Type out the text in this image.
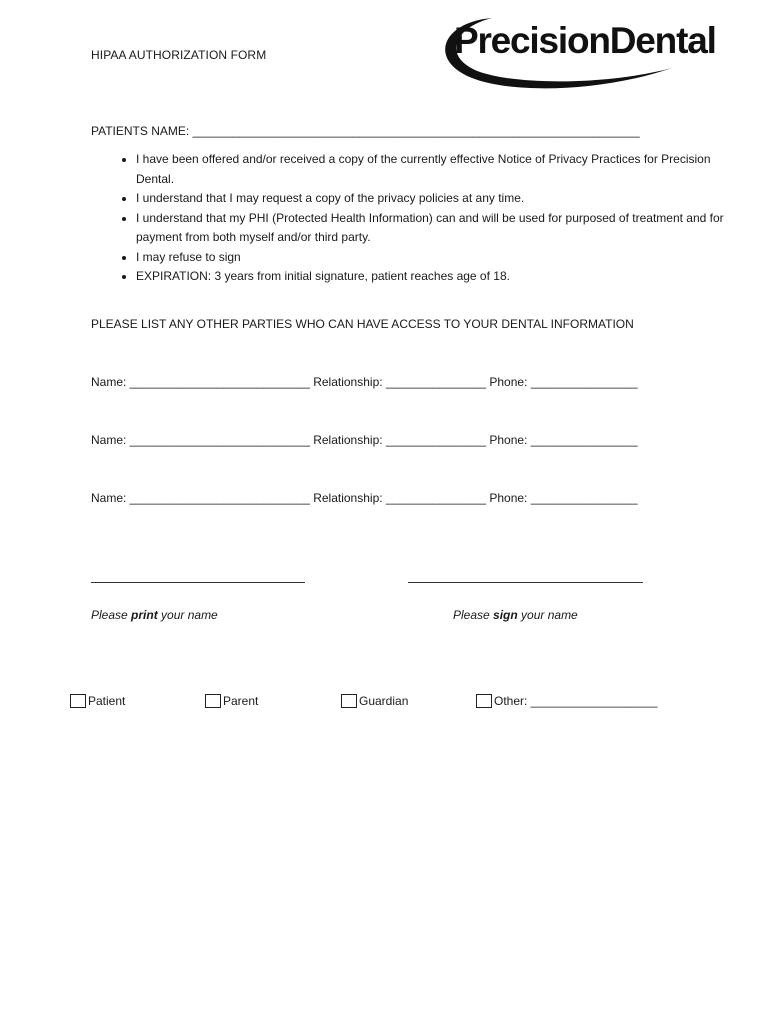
HIPAA AUTHORIZATION FORM	PrecisionDental
PATIENTS NAME: ___________________________________________________________________
• I have been offered and/or received a copy of the currently effective Notice of Privacy Practices for Precision Dental.
• I understand that I may request a copy of the privacy policies at any time.
• I understand that my PHI (Protected Health Information) can and will be used for purposed of treatment and for payment from both myself and/or third party.
• I may refuse to sign
• EXPIRATION: 3 years from initial signature, patient reaches age of 18.
PLEASE LIST ANY OTHER PARTIES WHO CAN HAVE ACCESS TO YOUR DENTAL INFORMATION
Name: ___________________________ Relationship: _______________ Phone: ________________
Name: ___________________________ Relationship: _______________ Phone: ________________
Name: ___________________________ Relationship: _______________ Phone: ________________
Please print your name	Please sign your name
Patient	Parent	Guardian	Other: ___________________
